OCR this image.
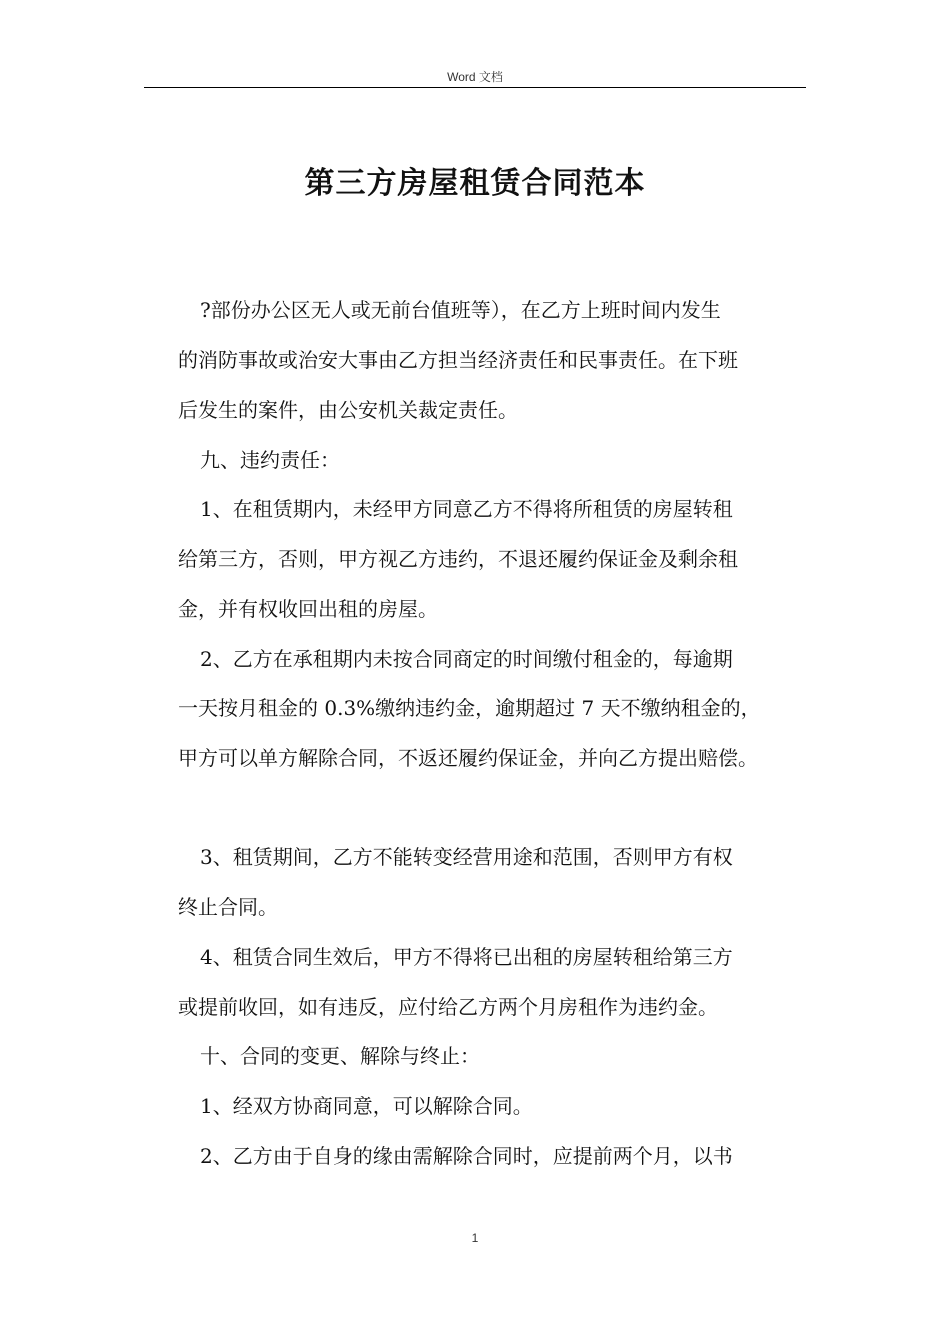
Word 文档
第三方房屋租赁合同范本
?部份办公区无人或无前台值班等），在乙方上班时间内发生
的消防事故或治安大事由乙方担当经济责任和民事责任。在下班
后发生的案件，由公安机关裁定责任。
九、违约责任：
1、在租赁期内，未经甲方同意乙方不得将所租赁的房屋转租
给第三方，否则，甲方视乙方违约，不退还履约保证金及剩余租
金，并有权收回出租的房屋。
2、乙方在承租期内未按合同商定的时间缴付租金的，每逾期
一天按月租金的 0.3%缴纳违约金，逾期超过 7 天不缴纳租金的，
甲方可以单方解除合同，不返还履约保证金，并向乙方提出赔偿。
3、租赁期间，乙方不能转变经营用途和范围，否则甲方有权
终止合同。
4、租赁合同生效后，甲方不得将已出租的房屋转租给第三方
或提前收回，如有违反，应付给乙方两个月房租作为违约金。
十、合同的变更、解除与终止：
1、经双方协商同意，可以解除合同。
2、乙方由于自身的缘由需解除合同时，应提前两个月，以书
1
